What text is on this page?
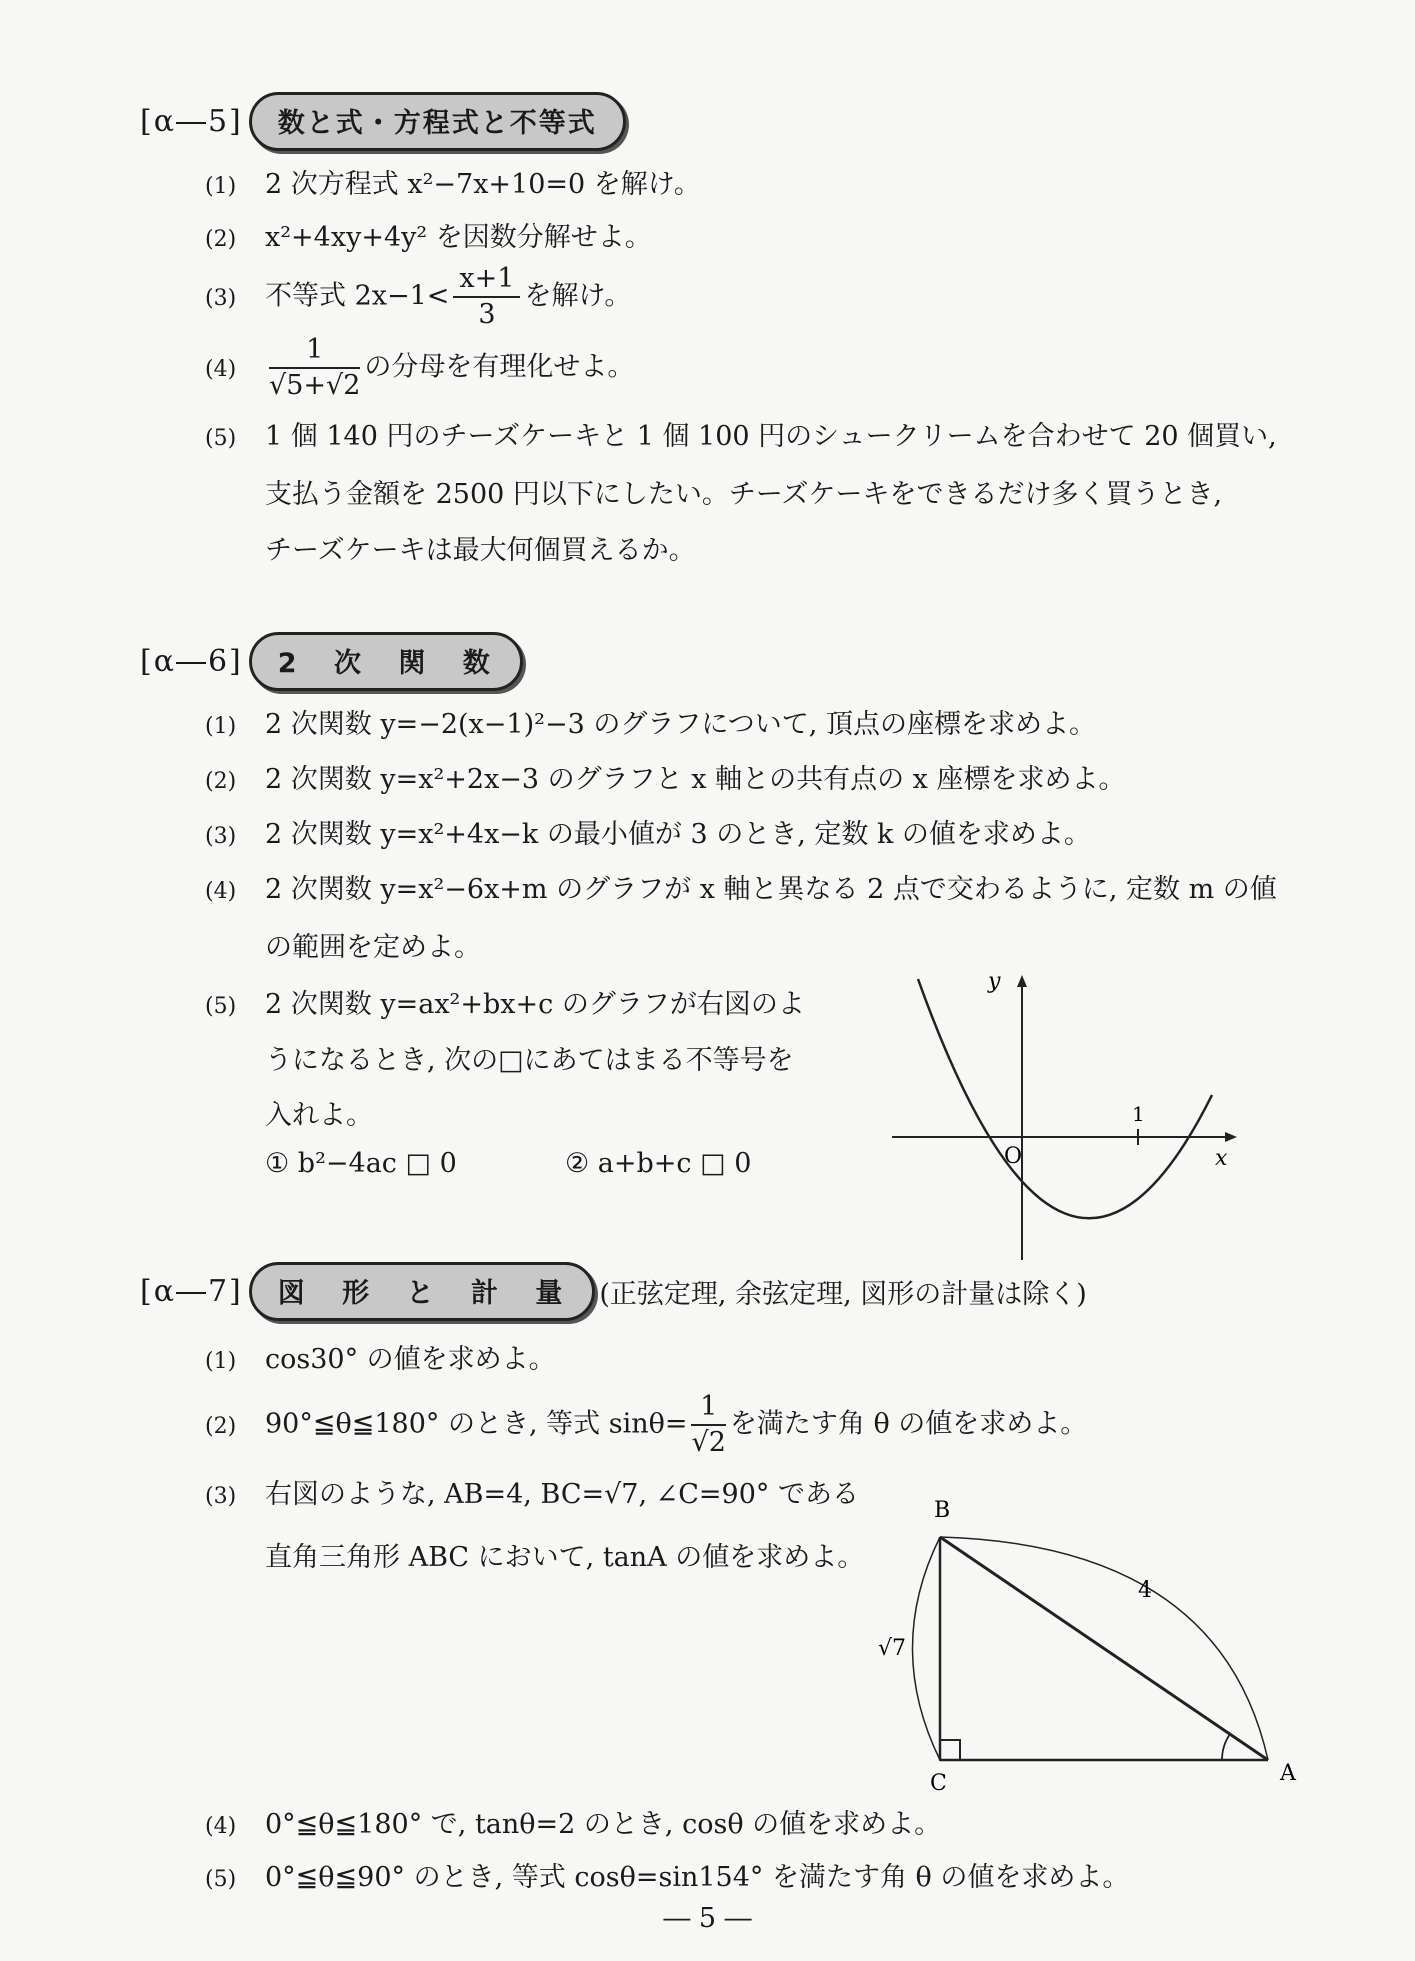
[α―5]	数と式・方程式と不等式
(1) 2 次方程式 x²−7x+10=0 を解け。
(2) x²+4xy+4y² を因数分解せよ。
(3) 不等式 $2x-1< \frac{x+1}{3}$ を解け。
$(4) \frac{1}{√5+√2}$ の分母を有理化せよ。
(5) 1 個 140 円のチーズケーキと 1 個 100 円のシュークリームを合わせて 20 個買い,
支払う金額を 2500 円以下にしたい。チーズケーキをできるだけ多く買うとき,
チーズケーキは最大何個買えるか。
[α―6]	2 次 関 数
(1) 2 次関数 y=−2(x−1)²−3 のグラフについて, 頂点の座標を求めよ。
(2) 2 次関数 y=x²+2x−3 のグラフと x 軸との共有点の x 座標を求めよ。
(3) 2 次関数 y=x²+4x−k の最小値が 3 のとき, 定数 k の値を求めよ。
(4) 2 次関数 y=x²−6x+m のグラフが x 軸と異なる 2 点で交わるように, 定数 m の値
の範囲を定めよ。
(5) 2 次関数 y=ax²+bx+c のグラフが右図のよ
うになるとき, 次の□にあてはまる不等号を
入れよ。
① b²−4ac □ 0	② a+b+c □ 0
y
x
O
1
[α―7]	図 形 と 計 量 (正弦定理, 余弦定理, 図形の計量は除く)
(1) cos30° の値を求めよ。
(2) 90°≦θ≦180° のとき, 等式 $\sin\theta= \frac{1}{√2}$ を満たす角 θ の値を求めよ。
(3) 右図のような, AB=4, BC=√7, ∠C=90° である
直角三角形 ABC において, tanA の値を求めよ。
B
C	A
4
√7
(4) 0°≦θ≦180° で, tanθ=2 のとき, cosθ の値を求めよ。
(5) 0°≦θ≦90° のとき, 等式 cosθ=sin154° を満たす角 θ の値を求めよ。
― 5 ―
